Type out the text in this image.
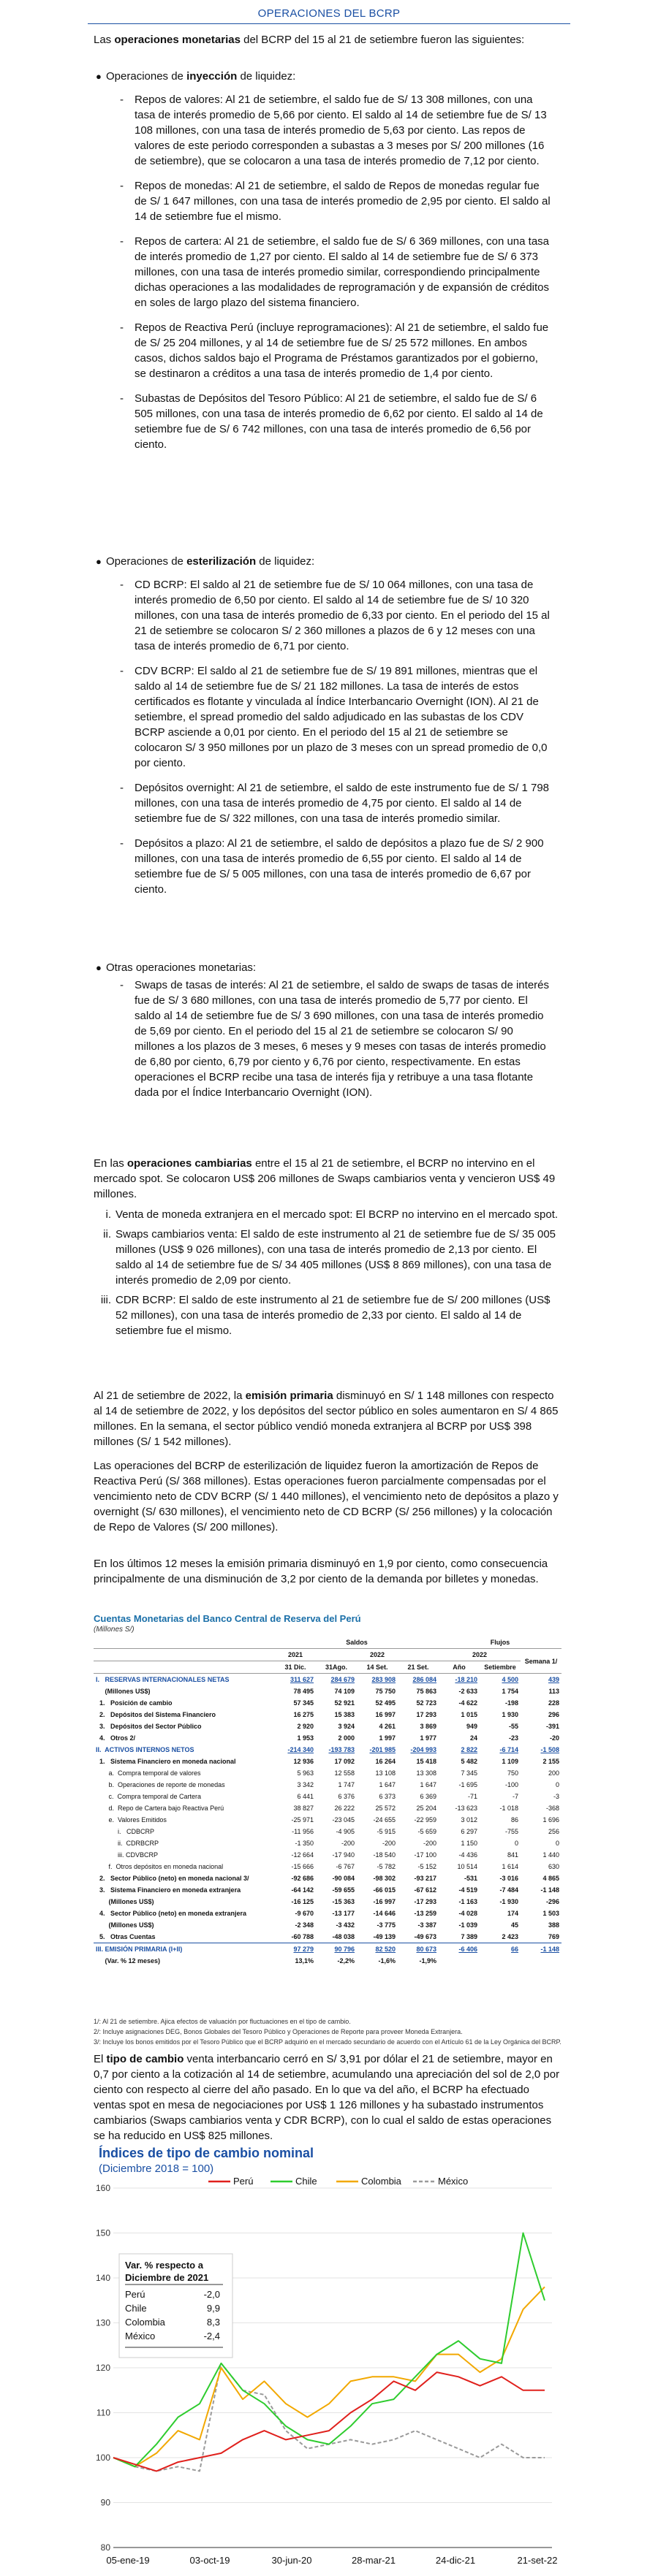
OPERACIONES DEL BCRP

Las operaciones monetarias del BCRP del 15 al 21 de setiembre fueron las siguientes:

● Operaciones de inyección de liquidez:
- Repos de valores: Al 21 de setiembre, el saldo fue de S/ 13 308 millones, con una tasa de interés promedio de 5,66 por ciento. El saldo al 14 de setiembre fue de S/ 13 108 millones, con una tasa de interés promedio de 5,63 por ciento. Las repos de valores de este periodo corresponden a subastas a 3 meses por S/ 200 millones (16 de setiembre), que se colocaron a una tasa de interés promedio de 7,12 por ciento.
- Repos de monedas: Al 21 de setiembre, el saldo de Repos de monedas regular fue de S/ 1 647 millones, con una tasa de interés promedio de 2,95 por ciento. El saldo al 14 de setiembre fue el mismo.
- Repos de cartera: Al 21 de setiembre, el saldo fue de S/ 6 369 millones, con una tasa de interés promedio de 1,27 por ciento. El saldo al 14 de setiembre fue de S/ 6 373 millones, con una tasa de interés promedio similar, correspondiendo principalmente dichas operaciones a las modalidades de reprogramación y de expansión de créditos en soles de largo plazo del sistema financiero.
- Repos de Reactiva Perú (incluye reprogramaciones): Al 21 de setiembre, el saldo fue de S/ 25 204 millones, y al 14 de setiembre fue de S/ 25 572 millones. En ambos casos, dichos saldos bajo el Programa de Préstamos garantizados por el gobierno, se destinaron a créditos a una tasa de interés promedio de 1,4 por ciento.
- Subastas de Depósitos del Tesoro Público: Al 21 de setiembre, el saldo fue de S/ 6 505 millones, con una tasa de interés promedio de 6,62 por ciento. El saldo al 14 de setiembre fue de S/ 6 742 millones, con una tasa de interés promedio de 6,56 por ciento.
● Operaciones de esterilización de liquidez:
- CD BCRP: El saldo al 21 de setiembre fue de S/ 10 064 millones, con una tasa de interés promedio de 6,50 por ciento. El saldo al 14 de setiembre fue de S/ 10 320 millones, con una tasa de interés promedio de 6,33 por ciento. En el periodo del 15 al 21 de setiembre se colocaron S/ 2 360 millones a plazos de 6 y 12 meses con una tasa de interés promedio de 6,71 por ciento.
- CDV BCRP: El saldo al 21 de setiembre fue de S/ 19 891 millones, mientras que el saldo al 14 de setiembre fue de S/ 21 182 millones. La tasa de interés de estos certificados es flotante y vinculada al Índice Interbancario Overnight (ION). Al 21 de setiembre, el spread promedio del saldo adjudicado en las subastas de los CDV BCRP asciende a 0,01 por ciento. En el periodo del 15 al 21 de setiembre se colocaron S/ 3 950 millones por un plazo de 3 meses con un spread promedio de 0,0 por ciento.
- Depósitos overnight: Al 21 de setiembre, el saldo de este instrumento fue de S/ 1 798 millones, con una tasa de interés promedio de 4,75 por ciento. El saldo al 14 de setiembre fue de S/ 322 millones, con una tasa de interés promedio similar.
- Depósitos a plazo: Al 21 de setiembre, el saldo de depósitos a plazo fue de S/ 2 900 millones, con una tasa de interés promedio de 6,55 por ciento. El saldo al 14 de setiembre fue de S/ 5 005 millones, con una tasa de interés promedio de 6,67 por ciento.
● Otras operaciones monetarias:
- Swaps de tasas de interés: Al 21 de setiembre, el saldo de swaps de tasas de interés fue de S/ 3 680 millones, con una tasa de interés promedio de 5,77 por ciento. El saldo al 14 de setiembre fue de S/ 3 690 millones, con una tasa de interés promedio de 5,69 por ciento. En el periodo del 15 al 21 de setiembre se colocaron S/ 90 millones a los plazos de 3 meses, 6 meses y 9 meses con tasas de interés promedio de 6,80 por ciento, 6,79 por ciento y 6,76 por ciento, respectivamente. En estas operaciones el BCRP recibe una tasa de interés fija y retribuye a una tasa flotante dada por el Índice Interbancario Overnight (ION).

En las operaciones cambiarias entre el 15 al 21 de setiembre, el BCRP no intervino en el mercado spot. Se colocaron US$ 206 millones de Swaps cambiarios venta y vencieron US$ 49 millones.

i. Venta de moneda extranjera en el mercado spot: El BCRP no intervino en el mercado spot.
ii. Swaps cambiarios venta: El saldo de este instrumento al 21 de setiembre fue de S/ 35 005 millones (US$ 9 026 millones), con una tasa de interés promedio de 2,13 por ciento. El saldo al 14 de setiembre fue de S/ 34 405 millones (US$ 8 869 millones), con una tasa de interés promedio de 2,09 por ciento.
iii. CDR BCRP: El saldo de este instrumento al 21 de setiembre fue de S/ 200 millones (US$ 52 millones), con una tasa de interés promedio de 2,33 por ciento. El saldo al 14 de setiembre fue el mismo.

Al 21 de setiembre de 2022, la emisión primaria disminuyó en S/ 1 148 millones con respecto al 14 de setiembre de 2022, y los depósitos del sector público en soles aumentaron en S/ 4 865 millones. En la semana, el sector público vendió moneda extranjera al BCRP por US$ 398 millones (S/ 1 542 millones).

Las operaciones del BCRP de esterilización de liquidez fueron la amortización de Repos de Reactiva Perú (S/ 368 millones). Estas operaciones fueron parcialmente compensadas por el vencimiento neto de CDV BCRP (S/ 1 440 millones), el vencimiento neto de depósitos a plazo y overnight (S/ 630 millones), el vencimiento neto de CD BCRP (S/ 256 millones) y la colocación de Repo de Valores (S/ 200 millones).

En los últimos 12 meses la emisión primaria disminuyó en 1,9 por ciento, como consecuencia principalmente de una disminución de 3,2 por ciento de la demanda por billetes y monedas.

Cuentas Monetarias del Banco Central de Reserva del Perú
(Millones S/)
	Saldos				Flujos		
	2021	2022			2022		Semana 1/
	31 Dic.	31Ago.	14 Set.	21 Set.	Año	Setiembre	
I.   RESERVAS INTERNACIONALES NETAS	311 627	284 679	283 908	286 084	-18 210	4 500	439
(Millones US$)	78 495	74 109	75 750	75 863	-2 633	1 754	113
1.   Posición de cambio	57 345	52 921	52 495	52 723	-4 622	-198	228
2.   Depósitos del Sistema Financiero	16 275	15 383	16 997	17 293	1 015	1 930	296
3.   Depósitos del Sector Público	2 920	3 924	4 261	3 869	949	-55	-391
4.   Otros 2/	1 953	2 000	1 997	1 977	24	-23	-20
II.  ACTIVOS INTERNOS NETOS	-214 340	-193 783	-201 985	-204 993	2 822	-6 714	-1 508
1.   Sistema Financiero en moneda nacional	12 936	17 092	16 264	15 418	5 482	1 109	2 155
a.  Compra temporal de valores	5 963	12 558	13 108	13 308	7 345	750	200
b.  Operaciones de reporte de monedas	3 342	1 747	1 647	1 647	-1 695	-100	0
c.  Compra temporal de Cartera	6 441	6 376	6 373	6 369	-71	-7	-3
d.  Repo de Cartera bajo Reactiva Perú	38 827	26 222	25 572	25 204	-13 623	-1 018	-368
e.  Valores Emitidos	-25 971	-23 045	-24 655	-22 959	3 012	86	1 696
i.   CDBCRP	-11 956	-4 905	-5 915	-5 659	6 297	-755	256
ii.  CDRBCRP	-1 350	-200	-200	-200	1 150	0	0
iii. CDVBCRP	-12 664	-17 940	-18 540	-17 100	-4 436	841	1 440
f.  Otros depósitos en moneda nacional	-15 666	-6 767	-5 782	-5 152	10 514	1 614	630
2.   Sector Público (neto) en moneda nacional 3/	-92 686	-90 084	-98 302	-93 217	-531	-3 016	4 865
3.   Sistema Financiero en moneda extranjera	-64 142	-59 655	-66 015	-67 612	-4 519	-7 484	-1 148
(Millones US$)	-16 125	-15 363	-16 997	-17 293	-1 163	-1 930	-296
4.   Sector Público (neto) en moneda extranjera	-9 670	-13 177	-14 646	-13 259	-4 028	174	1 503
(Millones US$)	-2 348	-3 432	-3 775	-3 387	-1 039	45	388
5.   Otras Cuentas	-60 788	-48 038	-49 139	-49 673	7 389	2 423	769
III. EMISIÓN PRIMARIA (I+II)	97 279	90 796	82 520	80 673	-6 406	66	-1 148
(Var. % 12 meses)	13,1%	-2,2%	-1,6%	-1,9%			
1/: Al 21 de setiembre. Ajica efectos de valuación por fluctuaciones en el tipo de cambio.
2/: Incluye asignaciones DEG, Bonos Globales del Tesoro Público y Operaciones de Reporte para proveer Moneda Extranjera.
3/: Incluye los bonos emitidos por el Tesoro Público que el BCRP adquirió en el mercado secundario de acuerdo con el Artículo 61 de la Ley Orgánica del BCRP.

El tipo de cambio venta interbancario cerró en S/ 3,91 por dólar el 21 de setiembre, mayor en 0,7 por ciento a la cotización al 14 de setiembre, acumulando una apreciación del sol de 2,0 por ciento con respecto al cierre del año pasado. En lo que va del año, el BCRP ha efectuado ventas spot en mesa de negociaciones por US$ 1 126 millones y ha subastado instrumentos cambiarios (Swaps cambiarios venta y CDR BCRP), con lo cual el saldo de estas operaciones se ha reducido en US$ 825 millones.

Índices de tipo de cambio nominal
(Diciembre 2018 = 100)
80
90
100
110
120
130
140
150
160
05-ene-19	03-oct-19	30-jun-20	28-mar-21	24-dic-21	21-set-22
Perú	Chile	Colombia	México
Var. % respecto a
Diciembre de 2021
Perú	-2,0
Chile	9,9
Colombia	8,3
México	-2,4
